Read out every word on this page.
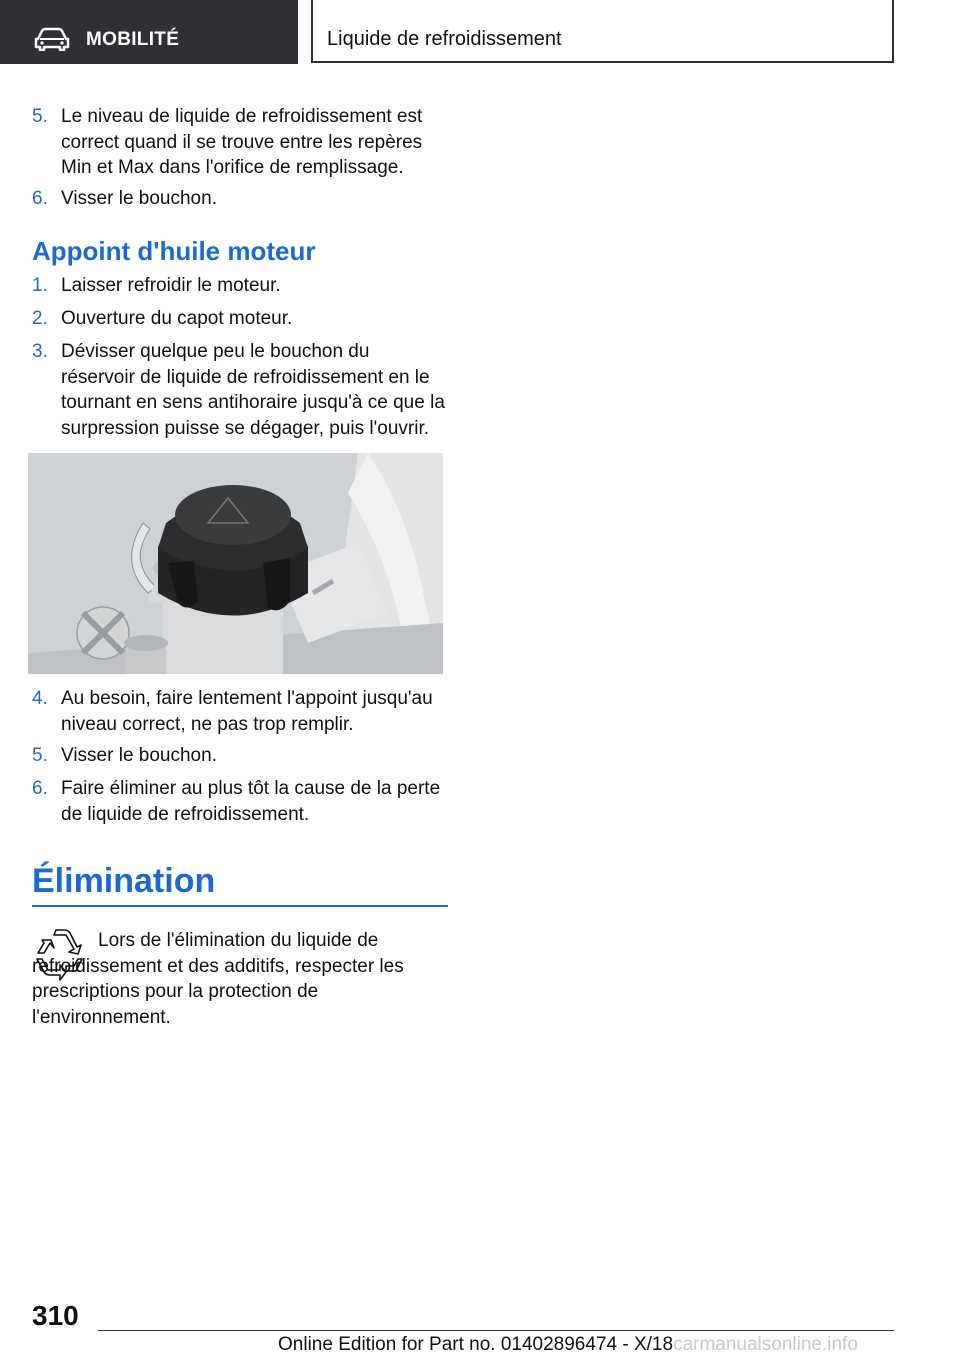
MOBILITÉ	Liquide de refroidissement
5. Le niveau de liquide de refroidissement est correct quand il se trouve entre les repères Min et Max dans l'orifice de remplissage.
6. Visser le bouchon.
Appoint d'huile moteur
1. Laisser refroidir le moteur.
2. Ouverture du capot moteur.
3. Dévisser quelque peu le bouchon du réservoir de liquide de refroidissement en le tournant en sens antihoraire jusqu'à ce que la surpression puisse se dégager, puis l'ouvrir.
4. Au besoin, faire lentement l'appoint jusqu'au niveau correct, ne pas trop remplir.
5. Visser le bouchon.
6. Faire éliminer au plus tôt la cause de la perte de liquide de refroidissement.
Élimination
Lors de l'élimination du liquide de refroidissement et des additifs, respecter les prescriptions pour la protection de l'environnement.
310
Online Edition for Part no. 01402896474 - X/18carmanualsonline.info
